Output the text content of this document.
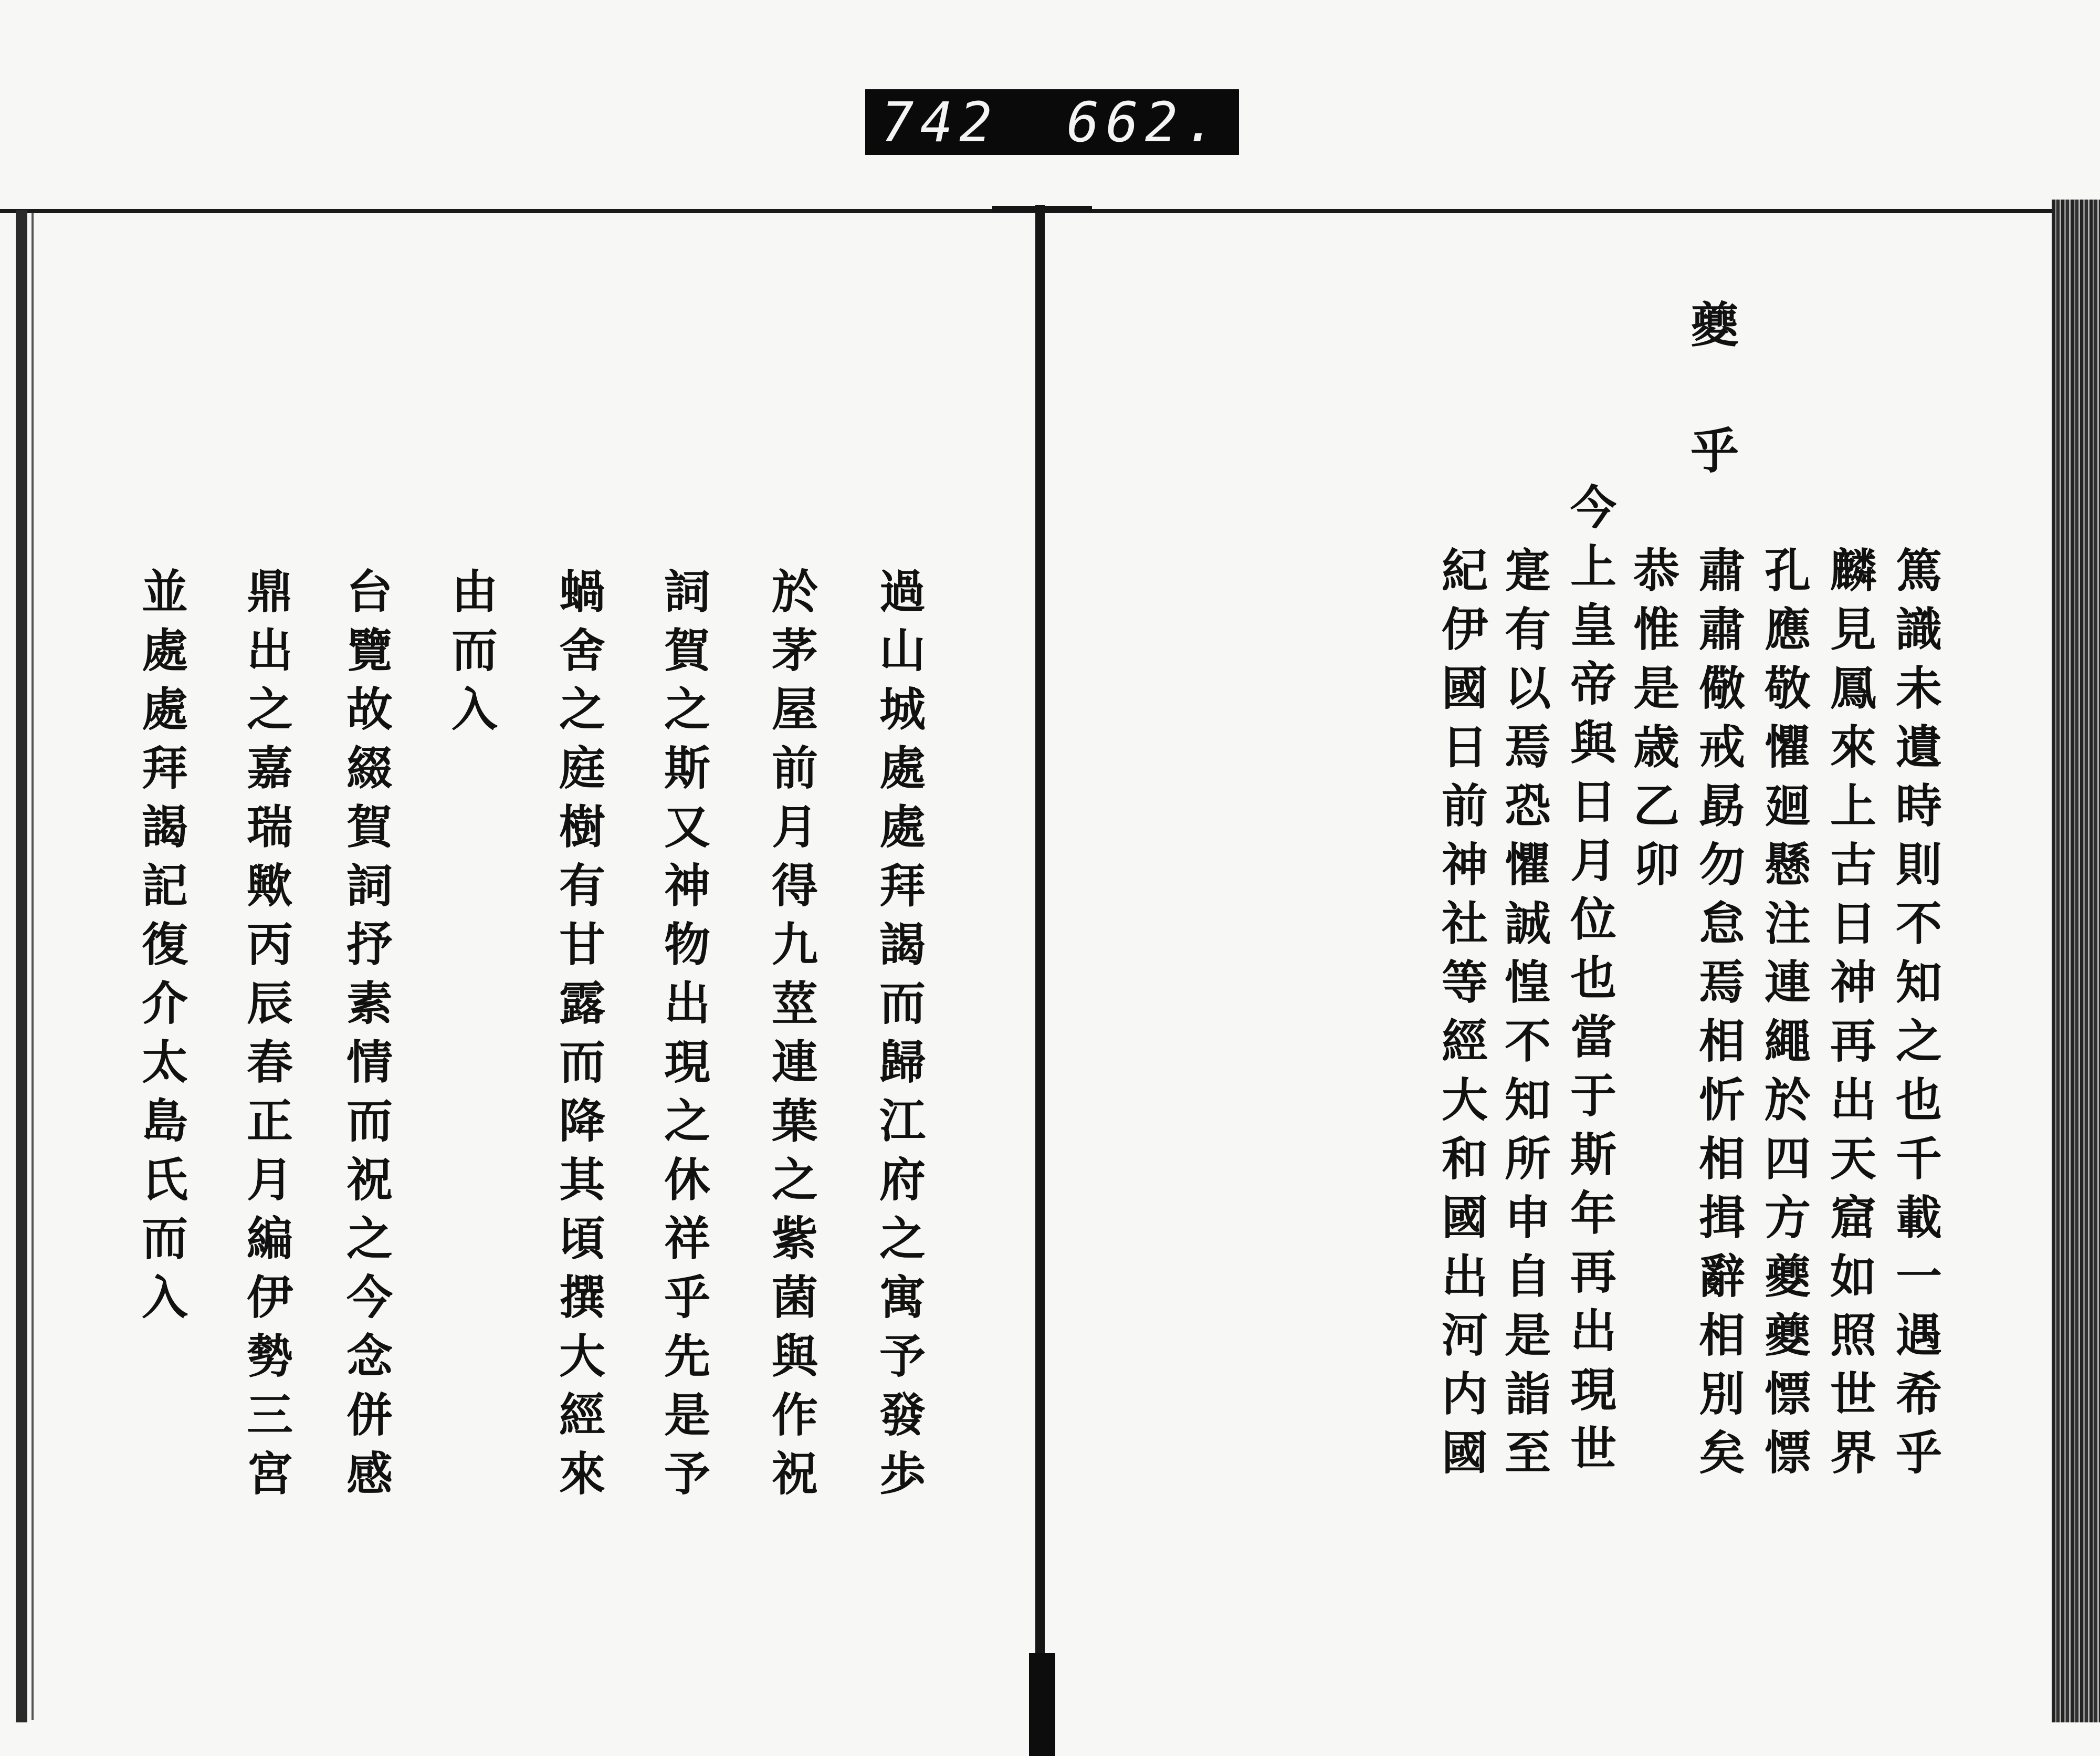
742 662.
夔 乎
篤識未遺時則不知之也千載一遇希乎
麟見鳳來上古日神再出天窟如照世界
孔應敬懼廻懸注連繩於四方夔夔慓慓
肅肅儆戒勗勿怠焉相忻相揖辭相別矣
恭惟是歳乙卯
今上皇帝與日月位也當于斯年再出現世
寔有以焉恐懼誠惶不知所申自是詣至
紀伊國日前神社等經大和國出河内國
過山城處處拜謁而歸江府之寓予發歩
於茅屋前月得九莖連葉之紫菌與作祝
詞賀之斯又神物出現之休祥乎先是予
蝸舍之庭樹有甘露而降其頃撰大經來
由而入
台覽故綴賀詞抒素情而祝之今念併感
鼎出之嘉瑞歟丙辰春正月編伊勢三宮
並處處拜謁記復介太島氏而入
